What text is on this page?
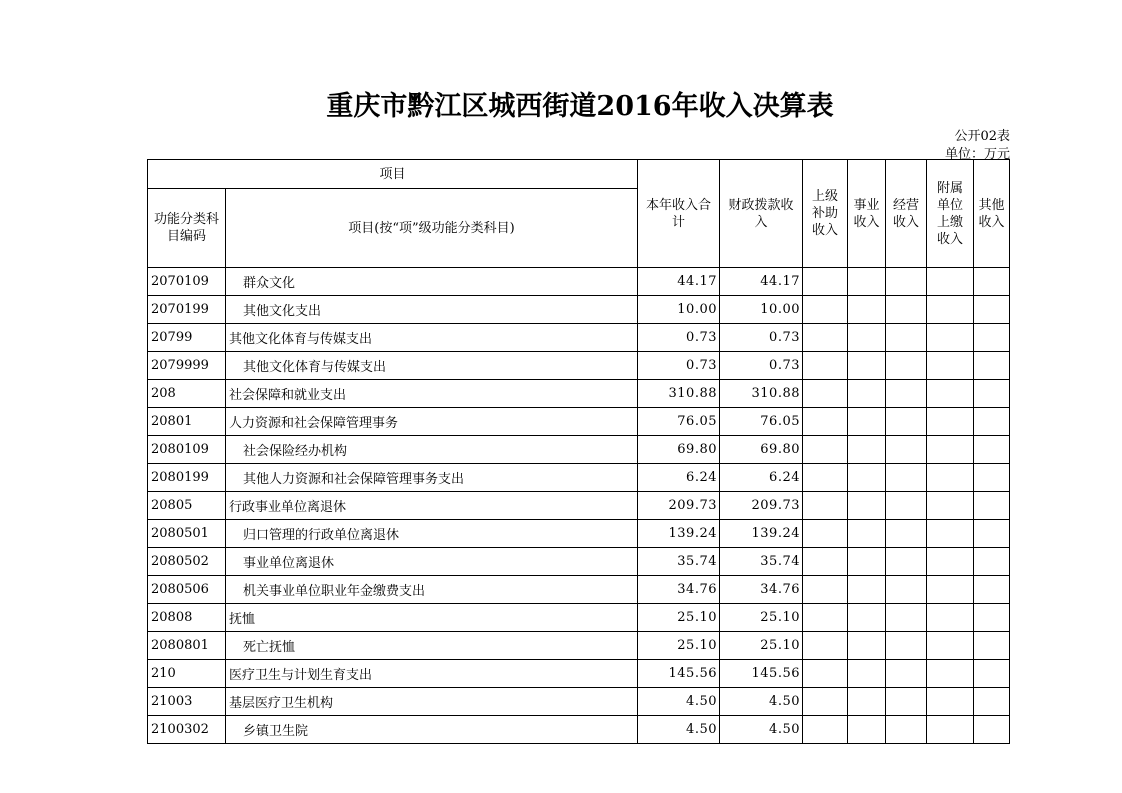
重庆市黔江区城西街道2016年收入决算表
公开02表
单位：万元
项目		本年收入合计	财政拨款收入	上级补助收入	事业收入	经营收入	附属单位上缴收入	其他收入
功能分类科目编码	项目(按“项”级功能分类科目)							
2070109	群众文化	44.17	44.17					
2070199	其他文化支出	10.00	10.00					
20799	其他文化体育与传媒支出	0.73	0.73					
2079999	其他文化体育与传媒支出	0.73	0.73					
208	社会保障和就业支出	310.88	310.88					
20801	人力资源和社会保障管理事务	76.05	76.05					
2080109	社会保险经办机构	69.80	69.80					
2080199	其他人力资源和社会保障管理事务支出	6.24	6.24					
20805	行政事业单位离退休	209.73	209.73					
2080501	归口管理的行政单位离退休	139.24	139.24					
2080502	事业单位离退休	35.74	35.74					
2080506	机关事业单位职业年金缴费支出	34.76	34.76					
20808	抚恤	25.10	25.10					
2080801	死亡抚恤	25.10	25.10					
210	医疗卫生与计划生育支出	145.56	145.56					
21003	基层医疗卫生机构	4.50	4.50					
2100302	乡镇卫生院	4.50	4.50					
